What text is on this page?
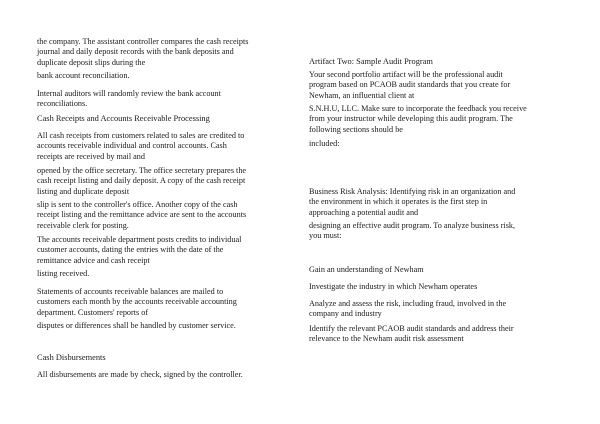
the company. The assistant controller compares the cash receipts
journal and daily deposit records with the bank deposits and
duplicate deposit slips during the

bank account reconciliation.

Internal auditors will randomly review the bank account
reconciliations.

Cash Receipts and Accounts Receivable Processing

All cash receipts from customers related to sales are credited to
accounts receivable individual and control accounts. Cash
receipts are received by mail and

opened by the office secretary. The office secretary prepares the
cash receipt listing and daily deposit. A copy of the cash receipt
listing and duplicate deposit

slip is sent to the controller's office. Another copy of the cash
receipt listing and the remittance advice are sent to the accounts
receivable clerk for posting.

The accounts receivable department posts credits to individual
customer accounts, dating the entries with the date of the
remittance advice and cash receipt

listing received.

Statements of accounts receivable balances are mailed to
customers each month by the accounts receivable accounting
department. Customers' reports of

disputes or differences shall be handled by customer service.

Cash Disbursements

All disbursements are made by check, signed by the controller.

Artifact Two: Sample Audit Program

Your second portfolio artifact will be the professional audit
program based on PCAOB audit standards that you create for
Newham, an influential client at

S.N.H.U, LLC. Make sure to incorporate the feedback you receive
from your instructor while developing this audit program. The
following sections should be

included:

Business Risk Analysis: Identifying risk in an organization and
the environment in which it operates is the first step in
approaching a potential audit and

designing an effective audit program. To analyze business risk,
you must:

Gain an understanding of Newham

Investigate the industry in which Newham operates

Analyze and assess the risk, including fraud, involved in the
company and industry

Identify the relevant PCAOB audit standards and address their
relevance to the Newham audit risk assessment
